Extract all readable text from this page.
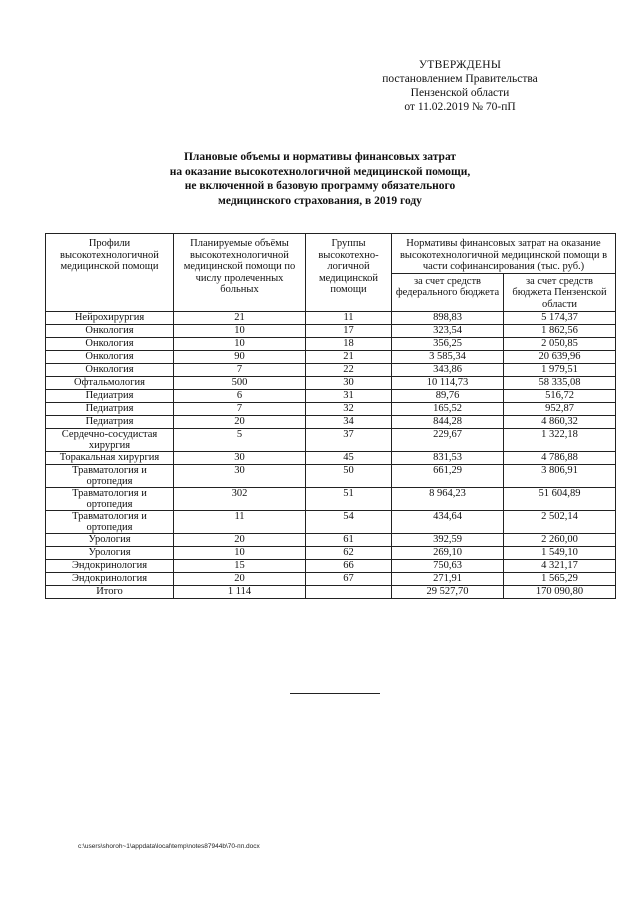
УТВЕРЖДЕНЫ
постановлением Правительства
Пензенской области
от 11.02.2019 № 70-пП
Плановые объемы и нормативы финансовых затрат
на оказание высокотехнологичной медицинской помощи,
не включенной в базовую программу обязательного
медицинского страхования, в 2019 году
Профили высокотехнологичной медицинской помощи	Планируемые объёмы высокотехнологичной медицинской помощи по числу пролеченных больных	Группы высокотехно-логичной медицинской помощи	Нормативы финансовых затрат на оказание высокотехнологичной медицинской помощи в части софинансирования (тыс. руб.)	
			за счет средств федерального бюджета	за счет средств бюджета Пензенской области
Нейрохирургия	21	11	898,83	5 174,37
Онкология	10	17	323,54	1 862,56
Онкология	10	18	356,25	2 050,85
Онкология	90	21	3 585,34	20 639,96
Онкология	7	22	343,86	1 979,51
Офтальмология	500	30	10 114,73	58 335,08
Педиатрия	6	31	89,76	516,72
Педиатрия	7	32	165,52	952,87
Педиатрия	20	34	844,28	4 860,32
Сердечно-сосудистая хирургия	5	37	229,67	1 322,18
Торакальная хирургия	30	45	831,53	4 786,88
Травматология и ортопедия	30	50	661,29	3 806,91
Травматология и ортопедия	302	51	8 964,23	51 604,89
Травматология и ортопедия	11	54	434,64	2 502,14
Урология	20	61	392,59	2 260,00
Урология	10	62	269,10	1 549,10
Эндокринология	15	66	750,63	4 321,17
Эндокринология	20	67	271,91	1 565,29
Итого	1 114		29 527,70	170 090,80
c:\users\shoroh~1\appdata\local\temp\notes87944b\70-пп.docx
